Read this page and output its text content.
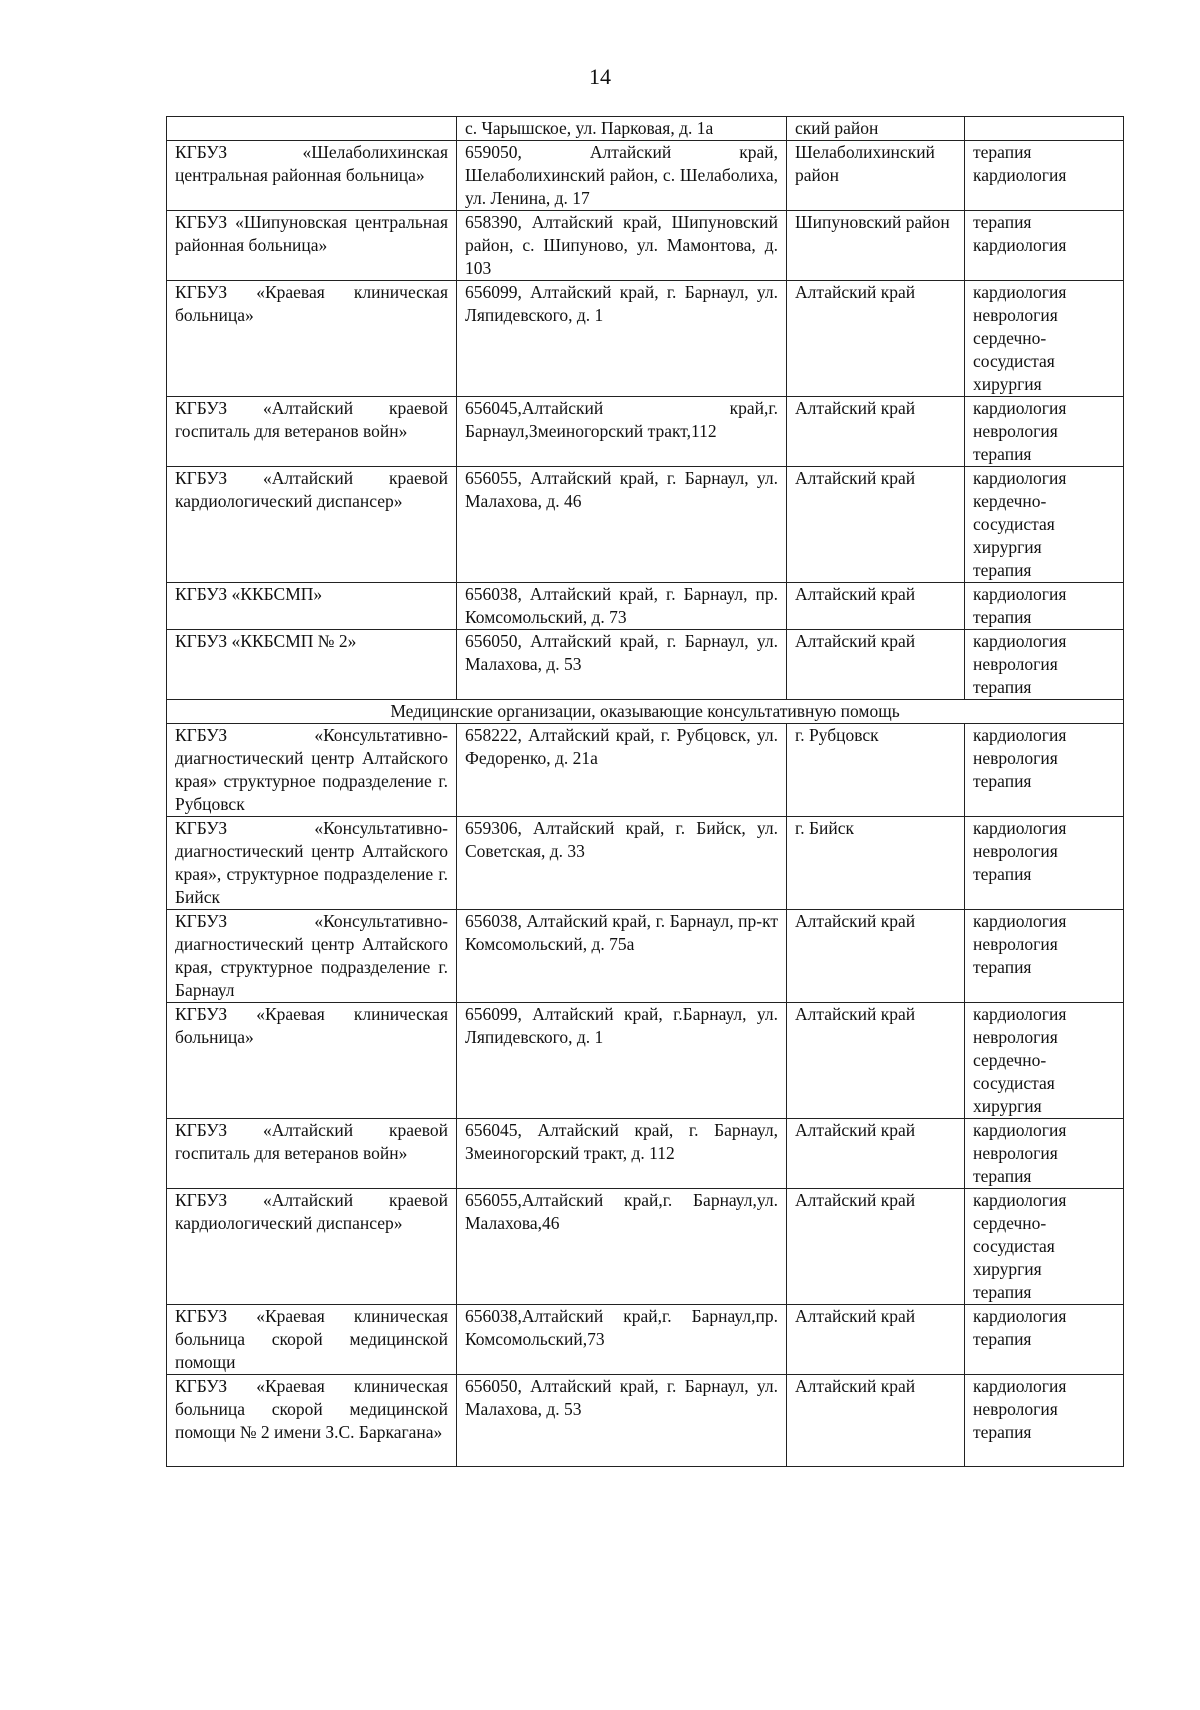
14
	с. Чарышское, ул. Парковая, д. 1а	ский район	
КГБУЗ «Шелаболихинская центральная районная больница»	659050, Алтайский край, Шелаболихинский район, с. Шелаболиха, ул. Ленина, д. 17	Шелаболихинский район	терапия
кардиология

КГБУЗ «Шипуновская центральная районная больница»	658390, Алтайский край, Шипуновский район, с. Шипуново, ул. Мамонтова, д. 103	Шипуновский район	терапия
кардиология

КГБУЗ «Краевая клиническая больница»	656099, Алтайский край, г. Барнаул, ул. Ляпидевского, д. 1	Алтайский край	кардиология
неврология
сердечно-сосудистая хирургия

КГБУЗ «Алтайский краевой госпиталь для ветеранов войн»	656045,Алтайский край,г. Барнаул,Змеиногорский тракт,112	Алтайский край	кардиология
неврология
терапия

КГБУЗ «Алтайский краевой кардиологический диспансер»	656055, Алтайский край, г. Барнаул, ул. Малахова, д. 46	Алтайский край	кардиология
кердечно-сосудистая хирургия
терапия

КГБУЗ «ККБСМП»	656038, Алтайский край, г. Барнаул, пр. Комсомольский, д. 73	Алтайский край	кардиология
терапия

КГБУЗ «ККБСМП № 2»	656050, Алтайский край, г. Барнаул, ул. Малахова, д. 53	Алтайский край	кардиология
неврология
терапия

Медицинские организации, оказывающие консультативную помощь			
КГБУЗ «Консультативно-диагностический центр Алтайского края» структурное подразделение г. Рубцовск	658222, Алтайский край, г. Рубцовск, ул. Федоренко, д. 21а	г. Рубцовск	кардиология
неврология
терапия

КГБУЗ «Консультативно-диагностический центр Алтайского края», структурное подразделение г. Бийск	659306, Алтайский край, г. Бийск, ул. Советская, д. 33	г. Бийск	кардиология
неврология
терапия

КГБУЗ «Консультативно-диагностический центр Алтайского края, структурное подразделение г. Барнаул	656038, Алтайский край, г. Барнаул, пр-кт Комсомольский, д. 75а	Алтайский край	кардиология
неврология
терапия

КГБУЗ «Краевая клиническая больница»	656099, Алтайский край, г.Барнаул, ул. Ляпидевского, д. 1	Алтайский край	кардиология
неврология
сердечно-сосудистая хирургия

КГБУЗ «Алтайский краевой госпиталь для ветеранов войн»	656045, Алтайский край, г. Барнаул, Змеиногорский тракт, д. 112	Алтайский край	кардиология
неврология
терапия

КГБУЗ «Алтайский краевой кардиологический диспансер»	656055,Алтайский край,г. Барнаул,ул. Малахова,46	Алтайский край	кардиология
сердечно-сосудистая хирургия
терапия

КГБУЗ «Краевая клиническая больница скорой медицинской помощи	656038,Алтайский край,г. Барнаул,пр. Комсомольский,73	Алтайский край	кардиология
терапия

КГБУЗ «Краевая клиническая больница скорой медицинской помощи № 2 имени З.С. Баркагана»	656050, Алтайский край, г. Барнаул, ул. Малахова, д. 53	Алтайский край	кардиология
неврология
терапия
